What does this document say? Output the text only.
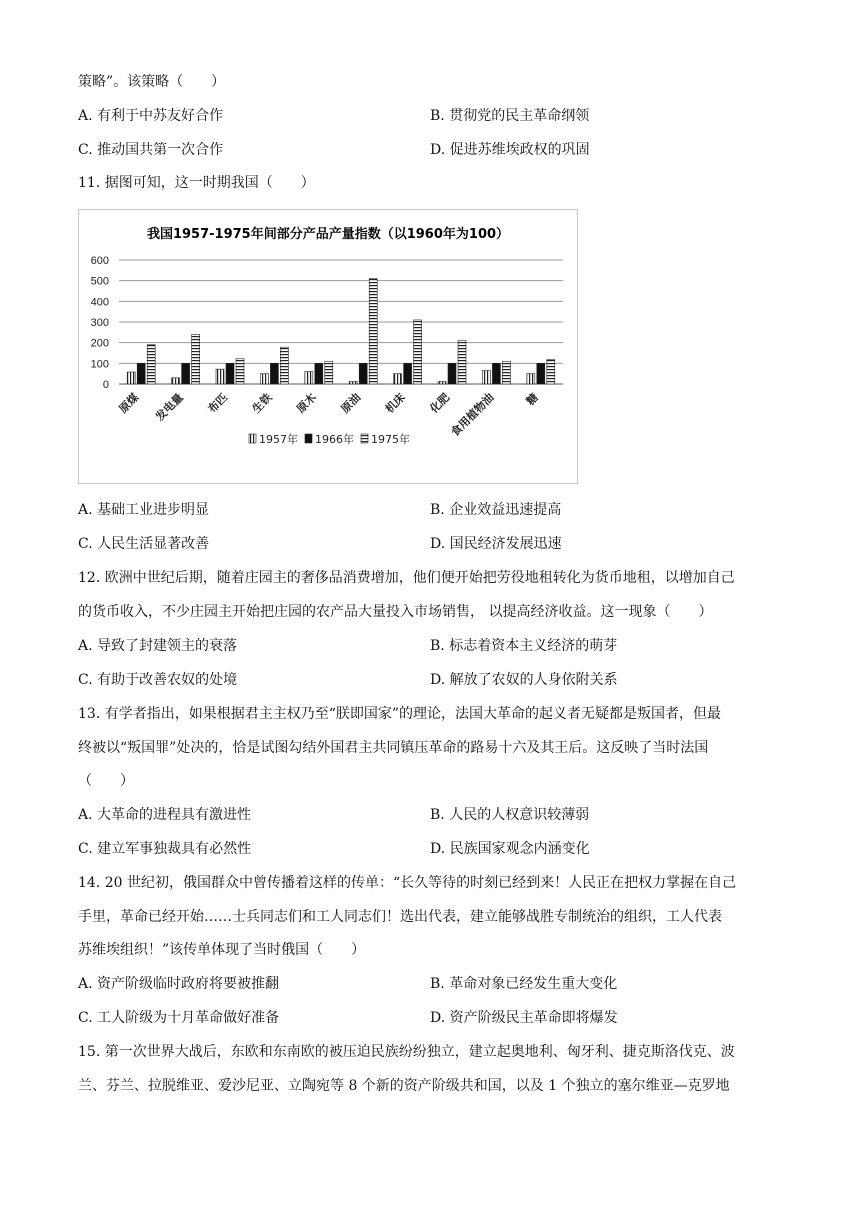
策略”。该策略（　　）
A. 有利于中苏友好合作	B. 贯彻党的民主革命纲领
C. 推动国共第一次合作	D. 促进苏维埃政权的巩固
11. 据图可知，这一时期我国（　　）
我国1957-1975年间部分产品产量指数（以1960年为100）
600
500
400
300
200
100
0
原煤 发电量 布匹 生铁 原木 原油 机床 化肥
食用植物油 糖
1957年 1966年 1975年
A. 基础工业进步明显	B. 企业效益迅速提高
C. 人民生活显著改善	D. 国民经济发展迅速
12. 欧洲中世纪后期，随着庄园主的奢侈品消费增加，他们便开始把劳役地租转化为货币地租，以增加自己
的货币收入，不少庄园主开始把庄园的农产品大量投入市场销售， 以提高经济收益。这一现象（　　）
A. 导致了封建领主的衰落	B. 标志着资本主义经济的萌芽
C. 有助于改善农奴的处境	D. 解放了农奴的人身依附关系
13. 有学者指出，如果根据君主主权乃至“朕即国家”的理论，法国大革命的起义者无疑都是叛国者，但最
终被以“叛国罪”处决的，恰是试图勾结外国君主共同镇压革命的路易十六及其王后。这反映了当时法国
（　　）
A. 大革命的进程具有激进性	B. 人民的人权意识较薄弱
C. 建立军事独裁具有必然性	D. 民族国家观念内涵变化
14. 20 世纪初，俄国群众中曾传播着这样的传单：“长久等待的时刻已经到来！人民正在把权力掌握在自己
手里，革命已经开始……士兵同志们和工人同志们！选出代表，建立能够战胜专制统治的组织，工人代表
苏维埃组织！”该传单体现了当时俄国（　　）
A. 资产阶级临时政府将要被推翻	B. 革命对象已经发生重大变化
C. 工人阶级为十月革命做好准备	D. 资产阶级民主革命即将爆发
15. 第一次世界大战后，东欧和东南欧的被压迫民族纷纷独立，建立起奥地利、匈牙利、捷克斯洛伐克、波
兰、芬兰、拉脱维亚、爱沙尼亚、立陶宛等 8 个新的资产阶级共和国，以及 1 个独立的塞尔维亚—克罗地
